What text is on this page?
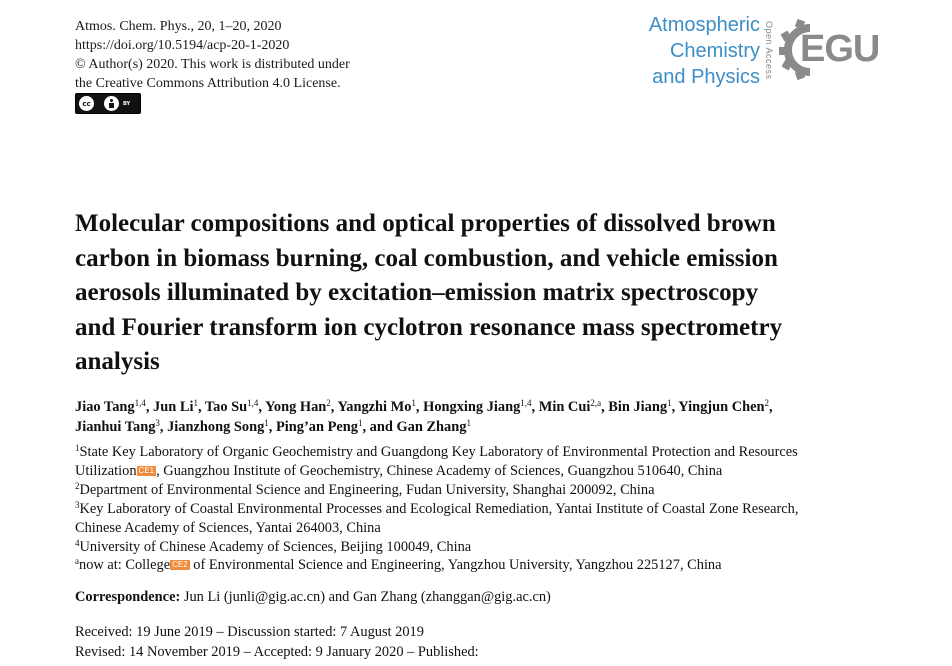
Atmos. Chem. Phys., 20, 1–20, 2020
https://doi.org/10.5194/acp-20-1-2020
© Author(s) 2020. This work is distributed under
the Creative Commons Attribution 4.0 License.
cc	BY
Atmospheric
Chemistry
and Physics Open Access EGU
Molecular compositions and optical properties of dissolved brown
carbon in biomass burning, coal combustion, and vehicle emission
aerosols illuminated by excitation–emission matrix spectroscopy
and Fourier transform ion cyclotron resonance mass spectrometry
analysis
Jiao Tang$^{1,4}$, Jun Li$^1$, Tao Su$^{1,4}$, Yong Han$^2$, Yangzhi Mo$^1$, Hongxing Jiang$^{1,4}$, Min Cui$^{2,a}$, Bin Jiang$^1$, Yingjun Chen$^2$,
Jianhui Tang$^3$, Jianzhong Song$^1$, Ping’an Peng$^1$, and Gan Zhang$^1$
$^1$State Key Laboratory of Organic Geochemistry and Guangdong Key Laboratory of Environmental Protection and Resources
Utilization CE1 , Guangzhou Institute of Geochemistry, Chinese Academy of Sciences, Guangzhou 510640, China
$^2$Department of Environmental Science and Engineering, Fudan University, Shanghai 200092, China
$^3$Key Laboratory of Coastal Environmental Processes and Ecological Remediation, Yantai Institute of Coastal Zone Research,
Chinese Academy of Sciences, Yantai 264003, China
$^4$University of Chinese Academy of Sciences, Beijing 100049, China
$^a$now at: College CE2 of Environmental Science and Engineering, Yangzhou University, Yangzhou 225127, China
Correspondence: Jun Li (junli@gig.ac.cn) and Gan Zhang (zhanggan@gig.ac.cn)
Received: 19 June 2019 – Discussion started: 7 August 2019
Revised: 14 November 2019 – Accepted: 9 January 2020 – Published:
